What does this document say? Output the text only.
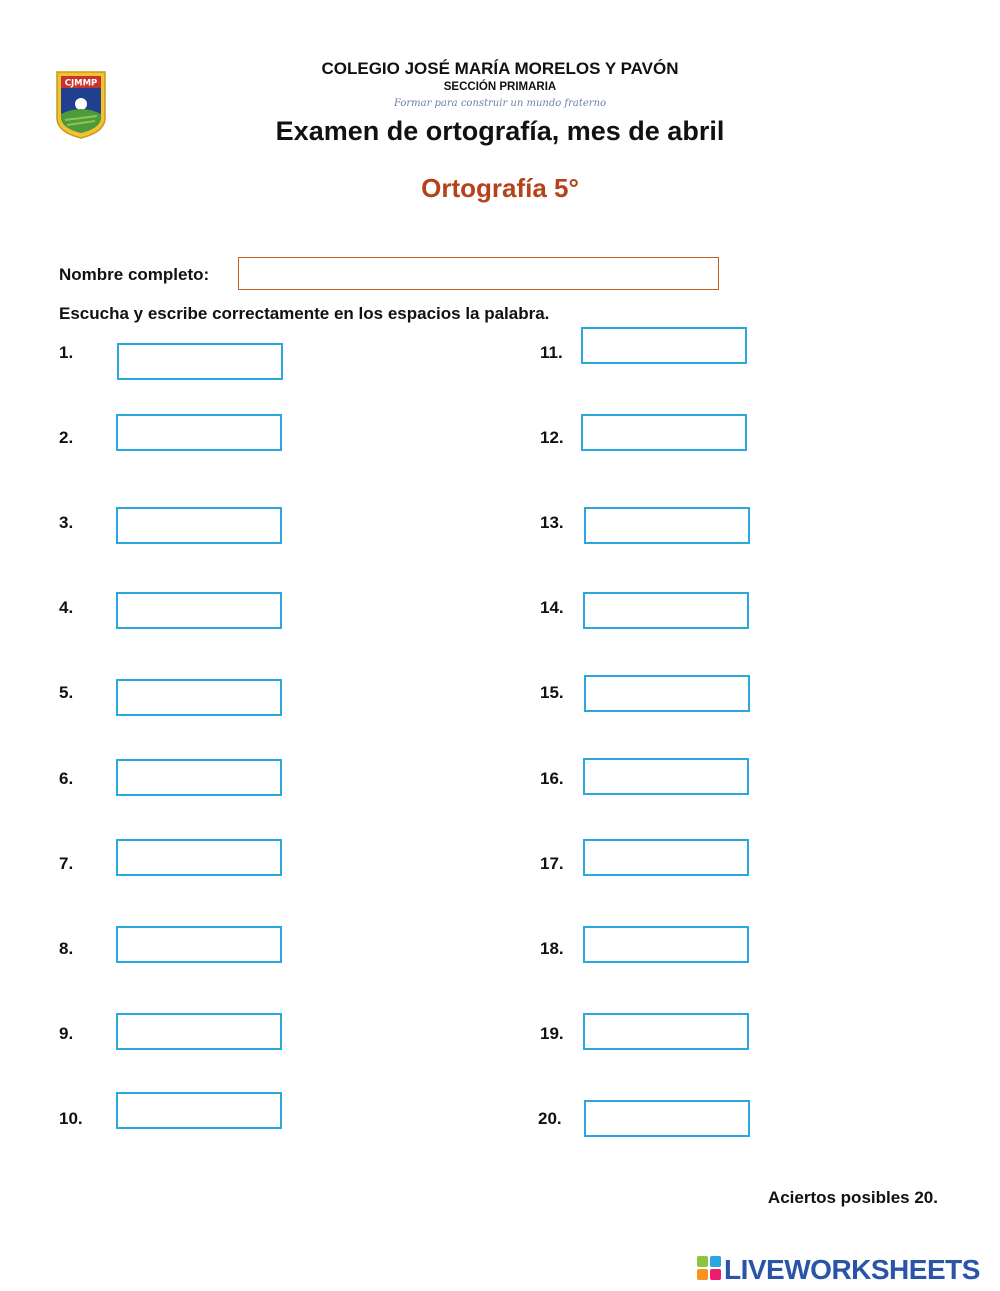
CJMMP
COLEGIO JOSÉ MARÍA MORELOS Y PAVÓN
SECCIÓN PRIMARIA
Formar para construir un mundo fraterno
Examen de ortografía, mes de abril
Ortografía 5°
Nombre completo:
Escucha y escribe correctamente en los espacios la palabra.
1.
2.
3.
4.
5.
6.
7.
8.
9.
10.
11.
12.
13.
14.
15.
16.
17.
18.
19.
20.
Aciertos posibles 20.
LIVEWORKSHEETS
